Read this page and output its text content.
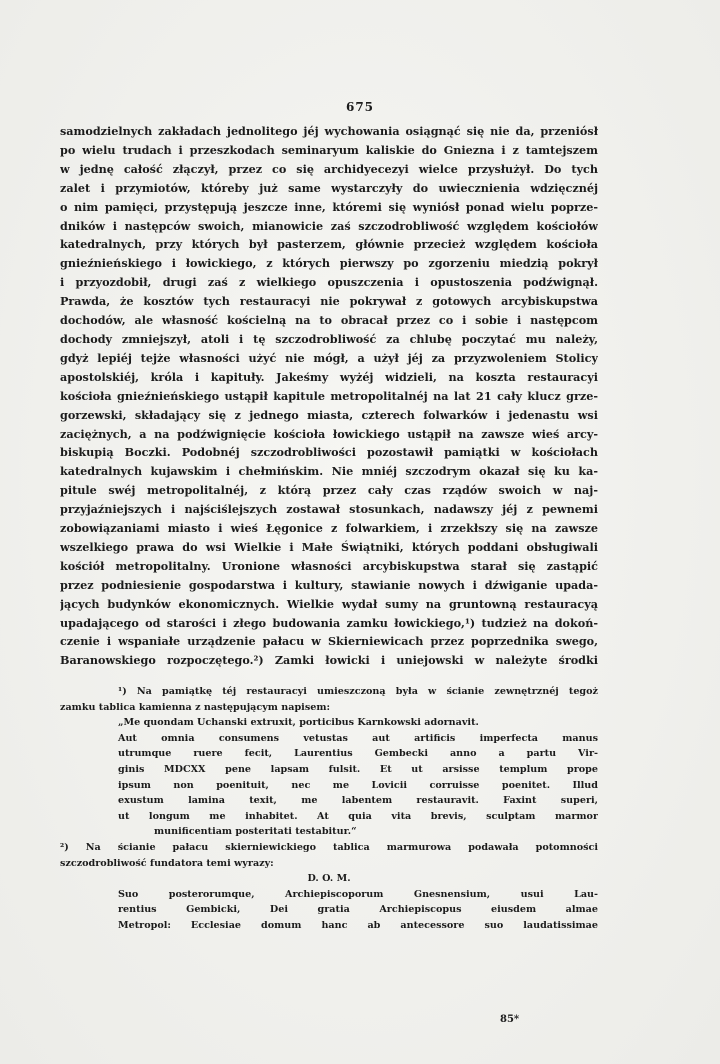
675
samodzielnych zakładach jednolitego jéj wychowania osiągnąć się nie da, przeniósł
po wielu trudach i przeszkodach seminaryum kaliskie do Gniezna i z tamtejszem
w jednę całość złączył, przez co się archidyecezyi wielce przysłużył. Do tych
zalet i przymiotów, któreby już same wystarczyły do uwiecznienia wdzięcznéj
o nim pamięci, przystępują jeszcze inne, któremi się wyniósł ponad wielu poprze-
dników i następców swoich, mianowicie zaś szczodrobliwość względem kościołów
katedralnych, przy których był pasterzem, głównie przecież względem kościoła
gnieźnieńskiego i łowickiego, z których pierwszy po zgorzeniu miedzią pokrył
i przyozdobił, drugi zaś z wielkiego opuszczenia i opustoszenia podźwignął.
Prawda, że kosztów tych restauracyi nie pokrywał z gotowych arcybiskupstwa
dochodów, ale własność kościelną na to obracał przez co i sobie i następcom
dochody zmniejszył, atoli i tę szczodrobliwość za chlubę poczytać mu należy,
gdyż lepiéj tejże własności użyć nie mógł, a użył jéj za przyzwoleniem Stolicy
apostolskiéj, króla i kapituły. Jakeśmy wyżéj widzieli, na koszta restauracyi
kościoła gnieźnieńskiego ustąpił kapitule metropolitalnéj na lat 21 cały klucz grze-
gorzewski, składający się z jednego miasta, czterech folwarków i jedenastu wsi
zaciężnych, a na podźwignięcie kościoła łowickiego ustąpił na zawsze wieś arcy-
biskupią Boczki. Podobnéj szczodrobliwości pozostawił pamiątki w kościołach
katedralnych kujawskim i chełmińskim. Nie mniéj szczodrym okazał się ku ka-
pitule swéj metropolitalnéj, z którą przez cały czas rządów swoich w naj-
przyjaźniejszych i najściślejszych zostawał stosunkach, nadawszy jéj z pewnemi
zobowiązaniami miasto i wieś Łęgonice z folwarkiem, i zrzekłszy się na zawsze
wszelkiego prawa do wsi Wielkie i Małe Świątniki, których poddani obsługiwali
kościół metropolitalny. Uronione własności arcybiskupstwa starał się zastąpić
przez podniesienie gospodarstwa i kultury, stawianie nowych i dźwiganie upada-
jących budynków ekonomicznych. Wielkie wydał sumy na gruntowną restauracyą
upadającego od starości i złego budowania zamku łowickiego,¹) tudzież na dokoń-
czenie i wspaniałe urządzenie pałacu w Skierniewicach przez poprzednika swego,
Baranowskiego rozpoczętego.²) Zamki łowicki i uniejowski w należyte środki
¹) Na pamiątkę téj restauracyi umieszczoną była w ścianie zewnętrznéj tegoż
zamku tablica kamienna z następującym napisem:
„Me quondam Uchanski extruxit, porticibus Karnkowski adornavit.
Aut omnia consumens vetustas aut artificis imperfecta manus
utrumque ruere fecit, Laurentius Gembecki anno a partu Vir-
ginis MDCXX pene lapsam fulsit. Et ut arsisse templum prope
ipsum non poenituit, nec me Lovicii corruisse poenitet. Illud
exustum lamina texit, me labentem restauravit. Faxint superi,
ut longum me inhabitet. At quia vita brevis, sculptam marmor
munificentiam posteritati testabitur.“
²) Na ścianie pałacu skierniewickiego tablica marmurowa podawała potomności
szczodrobliwość fundatora temi wyrazy:
D. O. M.
Suo posterorumque, Archiepiscoporum Gnesnensium, usui Lau-
rentius Gembicki, Dei gratia Archiepiscopus eiusdem almae
Metropol: Ecclesiae domum hanc ab antecessore suo laudatissimae
85*
